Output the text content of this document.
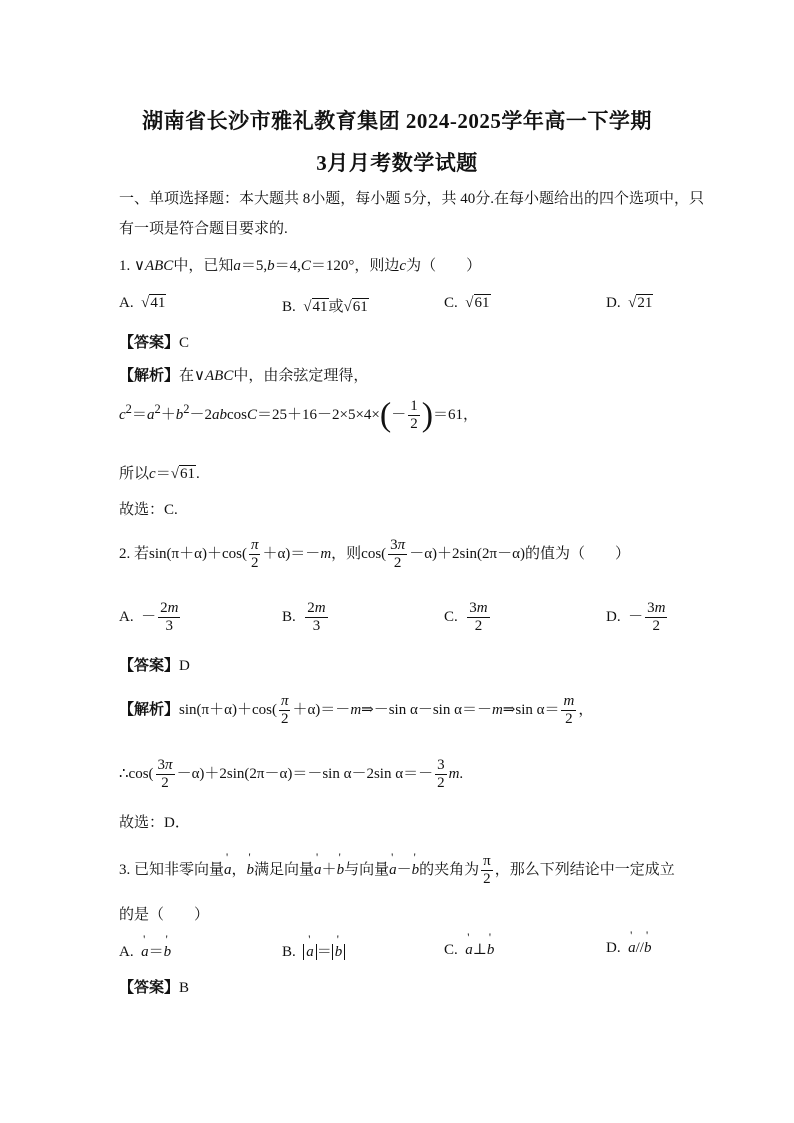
湖南省长沙市雅礼教育集团 2024-2025学年高一下学期
3月月考数学试题
一、单项选择题：本大题共 8小题，每小题 5分，共 40分.在每小题给出的四个选项中，只
有一项是符合题目要求的.
1. ∨ABC中，已知a＝5,b＝4,C＝120°，则边c为（　　）
A. √41	B. √41或√61	C. √61	D. √21
【答案】C
【解析】在∨ABC中，由余弦定理得，
$c^2=a^2+b^2-2abcosC=25+16-2\times 5\times 4\times(- \frac{1}{2} )=61$，
所以c＝√61.
故选：C.
2. 若$\sin(\pi+\alpha)+\cos( \frac{\pi}{2} +\alpha)=-m$，则$\cos( \frac{3\pi}{2} -\alpha)+2\sin(2\pi-\alpha)$的值为（　　）
A. － $\frac{2m}{3}$	B. $\frac{2m}{3}$	C. $\frac{3m}{2}$	D. － $\frac{3m}{2}$
【答案】D
【解析】$\sin(\pi+\alpha)+\cos( \frac{\pi}{2}$ ＋α)＝－m⇒－sin α－sin α＝－m⇒sin $\alpha= \frac{m}{2}$ ，
∴cos( $\frac{3\pi}{2} -\alpha)+2\sin(2\pi-\alpha)=-\sin$ α－2sin $\alpha=- \frac{3}{2} m$.
故选：D．
3. 已知非零向量' a，' b满足向量' a＋' b与向量' a－' b的夹角为 $\frac{\pi}{2}$ ，那么下列结论中一定成立
的是（　　）
A. ' a＝' b	B. ' a ＝ ' b	C. ' a⊥' b	D. ' a//' b
【答案】B
